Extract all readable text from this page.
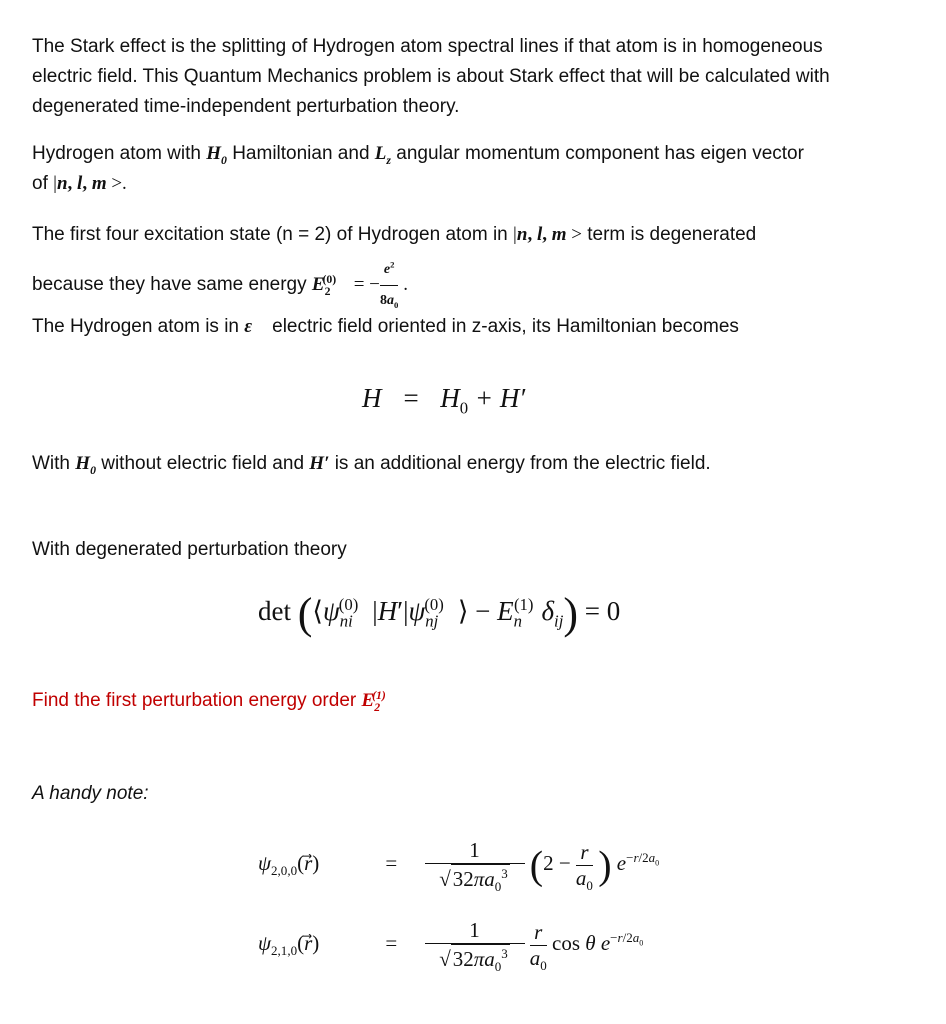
The Stark effect is the splitting of Hydrogen atom spectral lines if that atom is in homogeneous
electric field. This Quantum Mechanics problem is about Stark effect that will be calculated with
degenerated time-independent perturbation theory.
Hydrogen atom with $H_0$ Hamiltonian and $L_z$ angular momentum component has eigen vector
of |n, l, m >.
The first four excitation state (n = 2) of Hydrogen atom in |n, l, m > term is degenerated
because they have same energy $E_2^{(0)}$  = − $\frac{e^2}{8a_0}$ .
The Hydrogen atom is in ε⃗ electric field oriented in z-axis, its Hamiltonian becomes
$H = H_0 + H'$
With $H_0$ without electric field and H′ is an additional energy from the electric field.
With degenerated perturbation theory
$\det (⟨\psi_{ni}^{(0)}$ $|H'|\psi_{nj}^{(0)}$ ⟩ − $E_n^{(1)}$ $\delta_{ij}) = 0$
Find the first perturbation energy order $E_2^{(1)}$
A handy note:
$\psi_{2,0,0}(r⃗)$	= $\frac{1}{√32\pi a_0^3} (2 - \frac{r}{a_0}$ ) $e^{-r/2a_0}$
$\psi_{2,1,0}(r⃗)$	= $\frac{1}{√32\pi a_0^3}$
$\frac{r}{a_0}$ cos θ $e^{-r/2a_0}$
